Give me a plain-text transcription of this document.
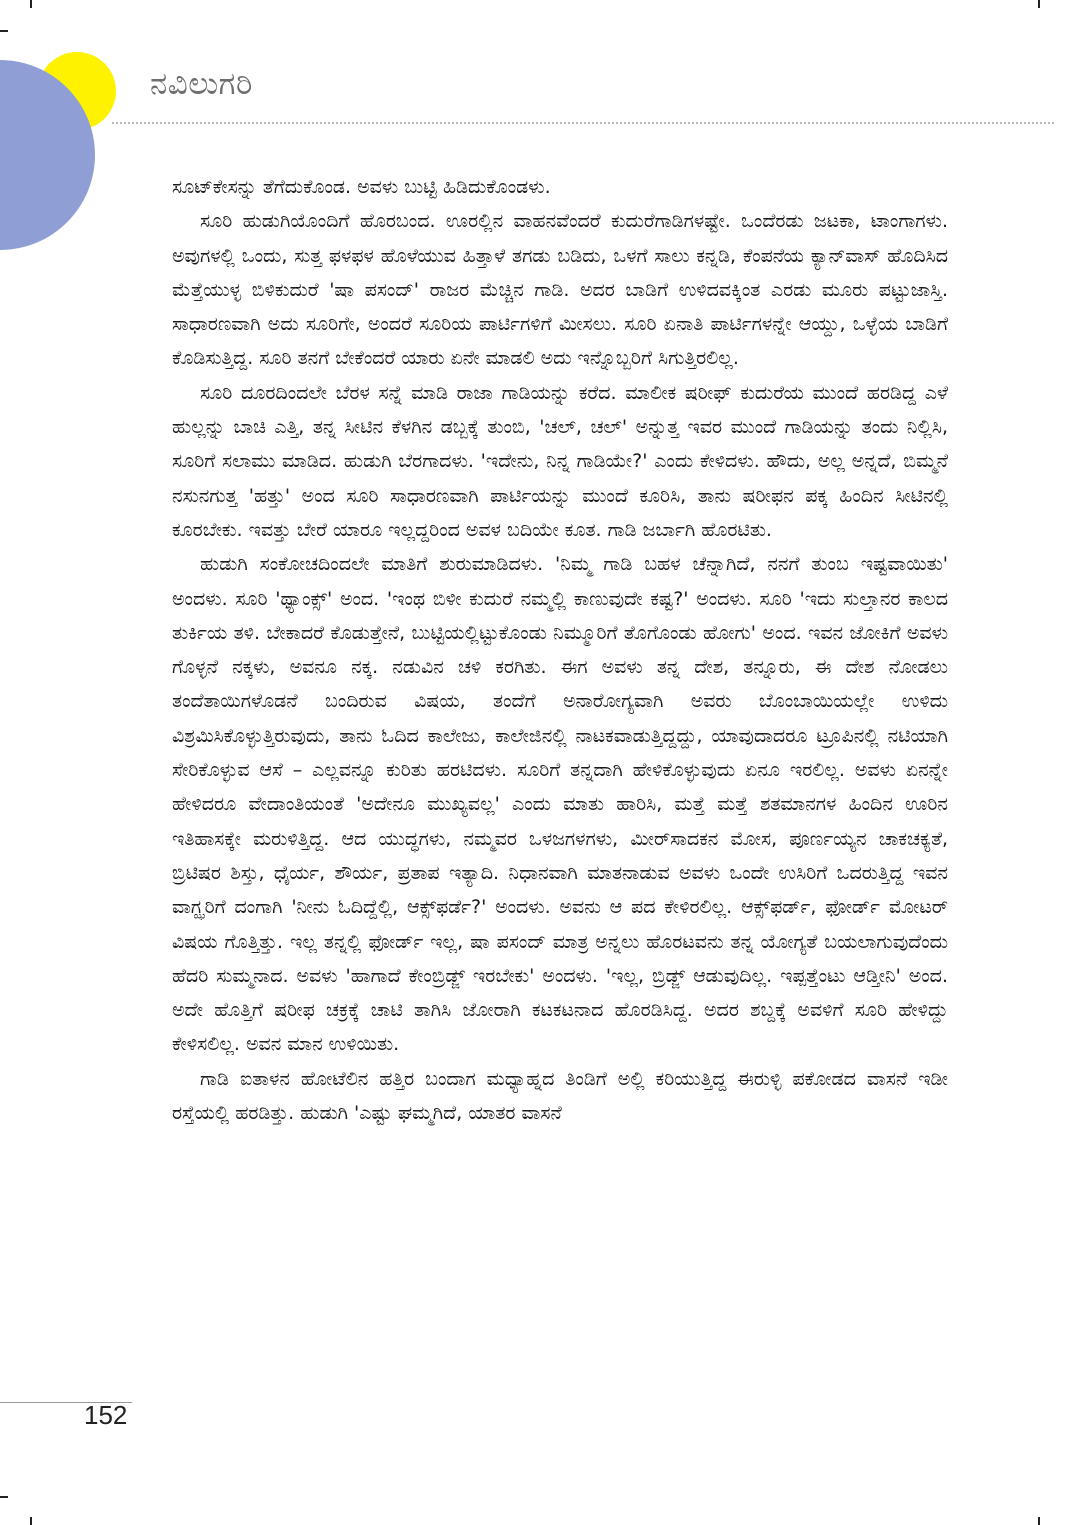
ನವಿಲುಗರಿ

ಸೂಟ್‌ಕೇಸನ್ನು ತೆಗೆದುಕೊಂಡ. ಅವಳು ಬುಟ್ಟಿ ಹಿಡಿದುಕೊಂಡಳು.

ಸೂರಿ ಹುಡುಗಿಯೊಂದಿಗೆ ಹೊರಬಂದ. ಊರಲ್ಲಿನ ವಾಹನವೆಂದರೆ ಕುದುರೆಗಾಡಿಗಳಷ್ಟೇ. ಒಂದೆರಡು ಜಟಕಾ, ಟಾಂಗಾಗಳು. ಅವುಗಳಲ್ಲಿ ಒಂದು, ಸುತ್ತ ಫಳಫಳ ಹೊಳೆಯುವ ಹಿತ್ತಾಳೆ ತಗಡು ಬಡಿದು, ಒಳಗೆ ಸಾಲು ಕನ್ನಡಿ, ಕೆಂಪನೆಯ ಕ್ಯಾನ್‌ವಾಸ್ ಹೊದಿಸಿದ ಮೆತ್ತೆಯುಳ್ಳ ಬಿಳಿಕುದುರೆ 'ಷಾ ಪಸಂದ್' ರಾಜರ ಮೆಚ್ಚಿನ ಗಾಡಿ. ಅದರ ಬಾಡಿಗೆ ಉಳಿದವಕ್ಕಿಂತ ಎರಡು ಮೂರು ಪಟ್ಟುಜಾಸ್ತಿ. ಸಾಧಾರಣವಾಗಿ ಅದು ಸೂರಿಗೇ, ಅಂದರೆ ಸೂರಿಯ ಪಾರ್ಟಿಗಳಿಗೆ ಮೀಸಲು. ಸೂರಿ ಏನಾತಿ ಪಾರ್ಟಿಗಳನ್ನೇ ಆಯ್ದು, ಒಳ್ಳೆಯ ಬಾಡಿಗೆ ಕೊಡಿಸುತ್ತಿದ್ದ. ಸೂರಿ ತನಗೆ ಬೇಕೆಂದರೆ ಯಾರು ಏನೇ ಮಾಡಲಿ ಅದು ಇನ್ನೊಬ್ಬರಿಗೆ ಸಿಗುತ್ತಿರಲಿಲ್ಲ.

ಸೂರಿ ದೂರದಿಂದಲೇ ಬೆರಳ ಸನ್ನೆ ಮಾಡಿ ರಾಜಾ ಗಾಡಿಯನ್ನು ಕರೆದ. ಮಾಲೀಕ ಷರೀಫ್ ಕುದುರೆಯ ಮುಂದೆ ಹರಡಿದ್ದ ಎಳೆ ಹುಲ್ಲನ್ನು ಬಾಚಿ ಎತ್ತಿ, ತನ್ನ ಸೀಟಿನ ಕೆಳಗಿನ ಡಬ್ಬಕ್ಕೆ ತುಂಬಿ, 'ಚಲ್, ಚಲ್' ಅನ್ನುತ್ತ ಇವರ ಮುಂದೆ ಗಾಡಿಯನ್ನು ತಂದು ನಿಲ್ಲಿಸಿ, ಸೂರಿಗೆ ಸಲಾಮು ಮಾಡಿದ. ಹುಡುಗಿ ಬೆರಗಾದಳು. 'ಇದೇನು, ನಿನ್ನ ಗಾಡಿಯೇ?' ಎಂದು ಕೇಳಿದಳು. ಹೌದು, ಅಲ್ಲ ಅನ್ನದೆ, ಬಿಮ್ಮನೆ ನಸುನಗುತ್ತ 'ಹತ್ತು' ಅಂದ ಸೂರಿ ಸಾಧಾರಣವಾಗಿ ಪಾರ್ಟಿಯನ್ನು ಮುಂದೆ ಕೂರಿಸಿ, ತಾನು ಷರೀಫನ ಪಕ್ಕ ಹಿಂದಿನ ಸೀಟಿನಲ್ಲಿ ಕೂರಬೇಕು. ಇವತ್ತು ಬೇರೆ ಯಾರೂ ಇಲ್ಲದ್ದರಿಂದ ಅವಳ ಬದಿಯೇ ಕೂತ. ಗಾಡಿ ಜರ್ಬಾಗಿ ಹೊರಟಿತು.

ಹುಡುಗಿ ಸಂಕೋಚದಿಂದಲೇ ಮಾತಿಗೆ ಶುರುಮಾಡಿದಳು. 'ನಿಮ್ಮ ಗಾಡಿ ಬಹಳ ಚೆನ್ನಾಗಿದೆ, ನನಗೆ ತುಂಬ ಇಷ್ಟವಾಯಿತು' ಅಂದಳು. ಸೂರಿ 'ಥ್ಯಾಂಕ್ಸ್' ಅಂದ. 'ಇಂಥ ಬಿಳೀ ಕುದುರೆ ನಮ್ಮಲ್ಲಿ ಕಾಣುವುದೇ ಕಷ್ಟ?' ಅಂದಳು. ಸೂರಿ 'ಇದು ಸುಲ್ತಾನರ ಕಾಲದ ತುರ್ಕಿಯ ತಳಿ. ಬೇಕಾದರೆ ಕೊಡುತ್ತೇನೆ, ಬುಟ್ಟಿಯಲ್ಲಿಟ್ಟುಕೊಂಡು ನಿಮ್ಮೂರಿಗೆ ತೊಗೊಂಡು ಹೋಗು' ಅಂದ. ಇವನ ಜೋಕಿಗೆ ಅವಳು ಗೊಳ್ಳನೆ ನಕ್ಕಳು, ಅವನೂ ನಕ್ಕ. ನಡುವಿನ ಚಳಿ ಕರಗಿತು. ಈಗ ಅವಳು ತನ್ನ ದೇಶ, ತನ್ನೂರು, ಈ ದೇಶ ನೋಡಲು ತಂದೆತಾಯಿಗಳೊಡನೆ ಬಂದಿರುವ ವಿಷಯ, ತಂದೆಗೆ ಅನಾರೋಗ್ಯವಾಗಿ ಅವರು ಬೊಂಬಾಯಿಯಲ್ಲೇ ಉಳಿದು ವಿಶ್ರಮಿಸಿಕೊಳ್ಳುತ್ತಿರುವುದು, ತಾನು ಓದಿದ ಕಾಲೇಜು, ಕಾಲೇಜಿನಲ್ಲಿ ನಾಟಕವಾಡುತ್ತಿದ್ದದ್ದು, ಯಾವುದಾದರೂ ಟ್ರೂಪಿನಲ್ಲಿ ನಟಿಯಾಗಿ ಸೇರಿಕೊಳ್ಳುವ ಆಸೆ – ಎಲ್ಲವನ್ನೂ ಕುರಿತು ಹರಟಿದಳು. ಸೂರಿಗೆ ತನ್ನದಾಗಿ ಹೇಳಿಕೊಳ್ಳುವುದು ಏನೂ ಇರಲಿಲ್ಲ. ಅವಳು ಏನನ್ನೇ ಹೇಳಿದರೂ ವೇದಾಂತಿಯಂತೆ 'ಅದೇನೂ ಮುಖ್ಯವಲ್ಲ' ಎಂದು ಮಾತು ಹಾರಿಸಿ, ಮತ್ತೆ ಮತ್ತೆ ಶತಮಾನಗಳ ಹಿಂದಿನ ಊರಿನ ಇತಿಹಾಸಕ್ಕೇ ಮರುಳಿತ್ತಿದ್ದ. ಆದ ಯುದ್ಧಗಳು, ನಮ್ಮವರ ಒಳಜಗಳಗಳು, ಮೀರ್‌ಸಾದಕನ ಮೋಸ, ಪೂರ್ಣಯ್ಯನ ಚಾಕಚಕ್ಯತೆ, ಬ್ರಿಟಿಷರ ಶಿಸ್ತು, ಧೈರ್ಯ, ಶೌರ್ಯ, ಪ್ರತಾಪ ಇತ್ಯಾದಿ. ನಿಧಾನವಾಗಿ ಮಾತನಾಡುವ ಅವಳು ಒಂದೇ ಉಸಿರಿಗೆ ಒದರುತ್ತಿದ್ದ ಇವನ ವಾಗ್ಝರಿಗೆ ದಂಗಾಗಿ 'ನೀನು ಓದಿದ್ದೆಲ್ಲಿ, ಆಕ್ಸ್‌ಫರ್ಡೆ?' ಅಂದಳು. ಅವನು ಆ ಪದ ಕೇಳಿರಲಿಲ್ಲ. ಆಕ್ಸ್‌ಫರ್ಡ್, ಫೋರ್ಡ್ ಮೋಟರ್ ವಿಷಯ ಗೊತ್ತಿತ್ತು. ಇಲ್ಲ ತನ್ನಲ್ಲಿ ಫೋರ್ಡ್ ಇಲ್ಲ, ಷಾ ಪಸಂದ್ ಮಾತ್ರ ಅನ್ನಲು ಹೊರಟವನು ತನ್ನ ಯೋಗ್ಯತೆ ಬಯಲಾಗುವುದೆಂದು ಹೆದರಿ ಸುಮ್ಮನಾದ. ಅವಳು 'ಹಾಗಾದೆ ಕೇಂಬ್ರಿಡ್ಜ್ ಇರಬೇಕು' ಅಂದಳು. 'ಇಲ್ಲ, ಬ್ರಿಡ್ಜ್ ಆಡುವುದಿಲ್ಲ. ಇಪ್ಪತ್ತೆಂಟು ಆಡ್ತೀನಿ' ಅಂದ. ಅದೇ ಹೊತ್ತಿಗೆ ಷರೀಫ ಚಕ್ರಕ್ಕೆ ಚಾಟಿ ತಾಗಿಸಿ ಜೋರಾಗಿ ಕಟಕಟನಾದ ಹೊರಡಿಸಿದ್ದ. ಅದರ ಶಬ್ದಕ್ಕೆ ಅವಳಿಗೆ ಸೂರಿ ಹೇಳಿದ್ದು ಕೇಳಿಸಲಿಲ್ಲ. ಅವನ ಮಾನ ಉಳಿಯಿತು.

ಗಾಡಿ ಐತಾಳನ ಹೋಟೆಲಿನ ಹತ್ತಿರ ಬಂದಾಗ ಮಧ್ಯಾಹ್ನದ ತಿಂಡಿಗೆ ಅಲ್ಲಿ ಕರಿಯುತ್ತಿದ್ದ ಈರುಳ್ಳಿ ಪಕೋಡದ ವಾಸನೆ ಇಡೀ ರಸ್ತೆಯಲ್ಲಿ ಹರಡಿತ್ತು. ಹುಡುಗಿ 'ಎಷ್ಟು ಘಮ್ಮಗಿದೆ, ಯಾತರ ವಾಸನೆ

152
